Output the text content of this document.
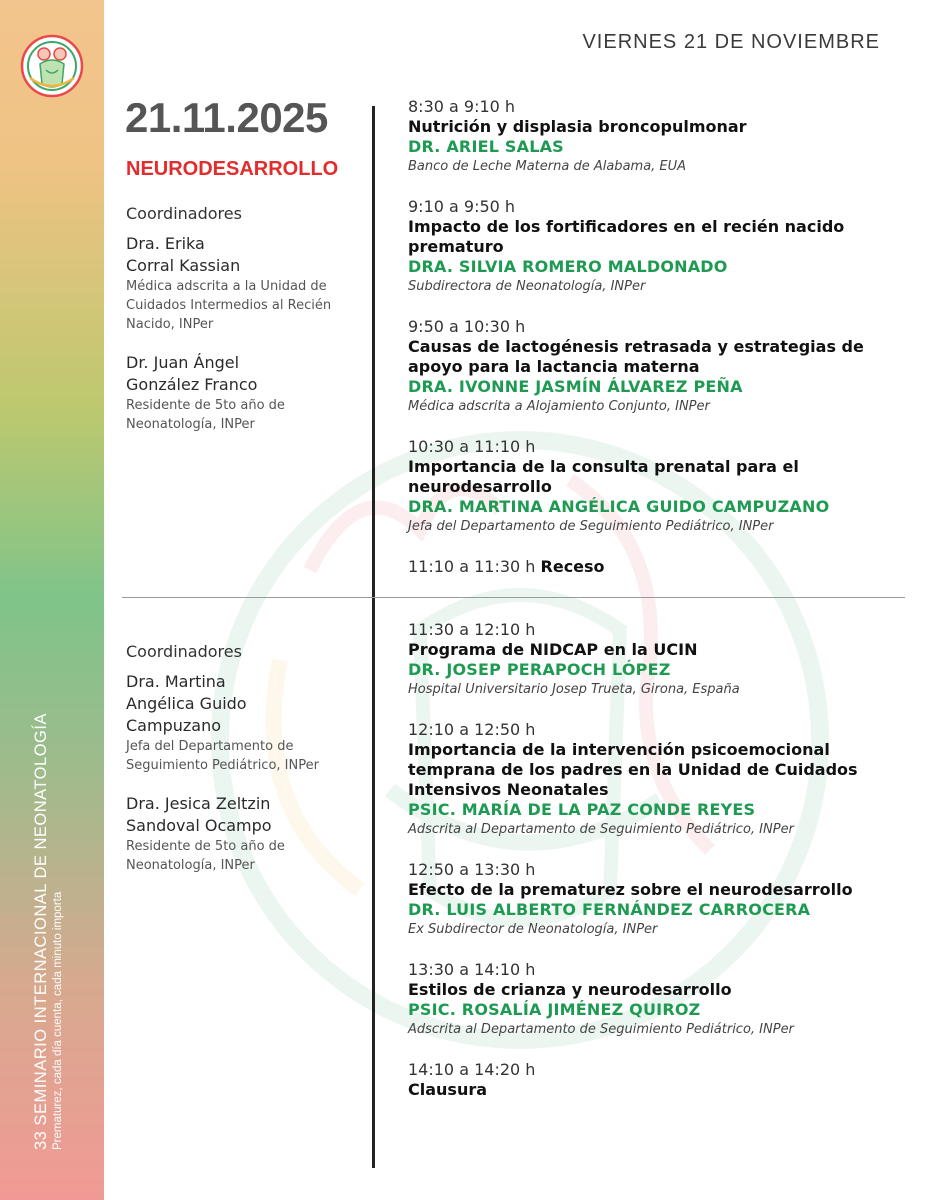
33 SEMINARIO INTERNACIONAL DE NEONATOLOGÍA Prematurez, cada día cuenta, cada minuto importa
VIERNES 21 DE NOVIEMBRE
21.11.2025
NEURODESARROLLO
Coordinadores
Dra. Erika
Corral Kassian
Médica adscrita a la Unidad de Cuidados Intermedios al Recién Nacido, INPer
Dr. Juan Ángel
González Franco
Residente de 5to año de Neonatología, INPer
Coordinadores
Dra. Martina
Angélica Guido Campuzano
Jefa del Departamento de Seguimiento Pediátrico, INPer
Dra. Jesica Zeltzin
Sandoval Ocampo
Residente de 5to año de Neonatología, INPer
8:30 a 9:10 h
Nutrición y displasia broncopulmonar
DR. ARIEL SALAS
Banco de Leche Materna de Alabama, EUA
9:10 a 9:50 h
Impacto de los fortificadores en el recién nacido prematuro
DRA. SILVIA ROMERO MALDONADO
Subdirectora de Neonatología, INPer
9:50 a 10:30 h
Causas de lactogénesis retrasada y estrategias de apoyo para la lactancia materna
DRA. IVONNE JASMÍN ÁLVAREZ PEÑA
Médica adscrita a Alojamiento Conjunto, INPer
10:30 a 11:10 h
Importancia de la consulta prenatal para el neurodesarrollo
DRA. MARTINA ANGÉLICA GUIDO CAMPUZANO
Jefa del Departamento de Seguimiento Pediátrico, INPer
11:10 a 11:30 h Receso
11:30 a 12:10 h
Programa de NIDCAP en la UCIN
DR. JOSEP PERAPOCH LÓPEZ
Hospital Universitario Josep Trueta, Girona, España
12:10 a 12:50 h
Importancia de la intervención psicoemocional temprana de los padres en la Unidad de Cuidados Intensivos Neonatales
PSIC. MARÍA DE LA PAZ CONDE REYES
Adscrita al Departamento de Seguimiento Pediátrico, INPer
12:50 a 13:30 h
Efecto de la prematurez sobre el neurodesarrollo
DR. LUIS ALBERTO FERNÁNDEZ CARROCERA
Ex Subdirector de Neonatología, INPer
13:30 a 14:10 h
Estilos de crianza y neurodesarrollo
PSIC. ROSALÍA JIMÉNEZ QUIROZ
Adscrita al Departamento de Seguimiento Pediátrico, INPer
14:10 a 14:20 h
Clausura
